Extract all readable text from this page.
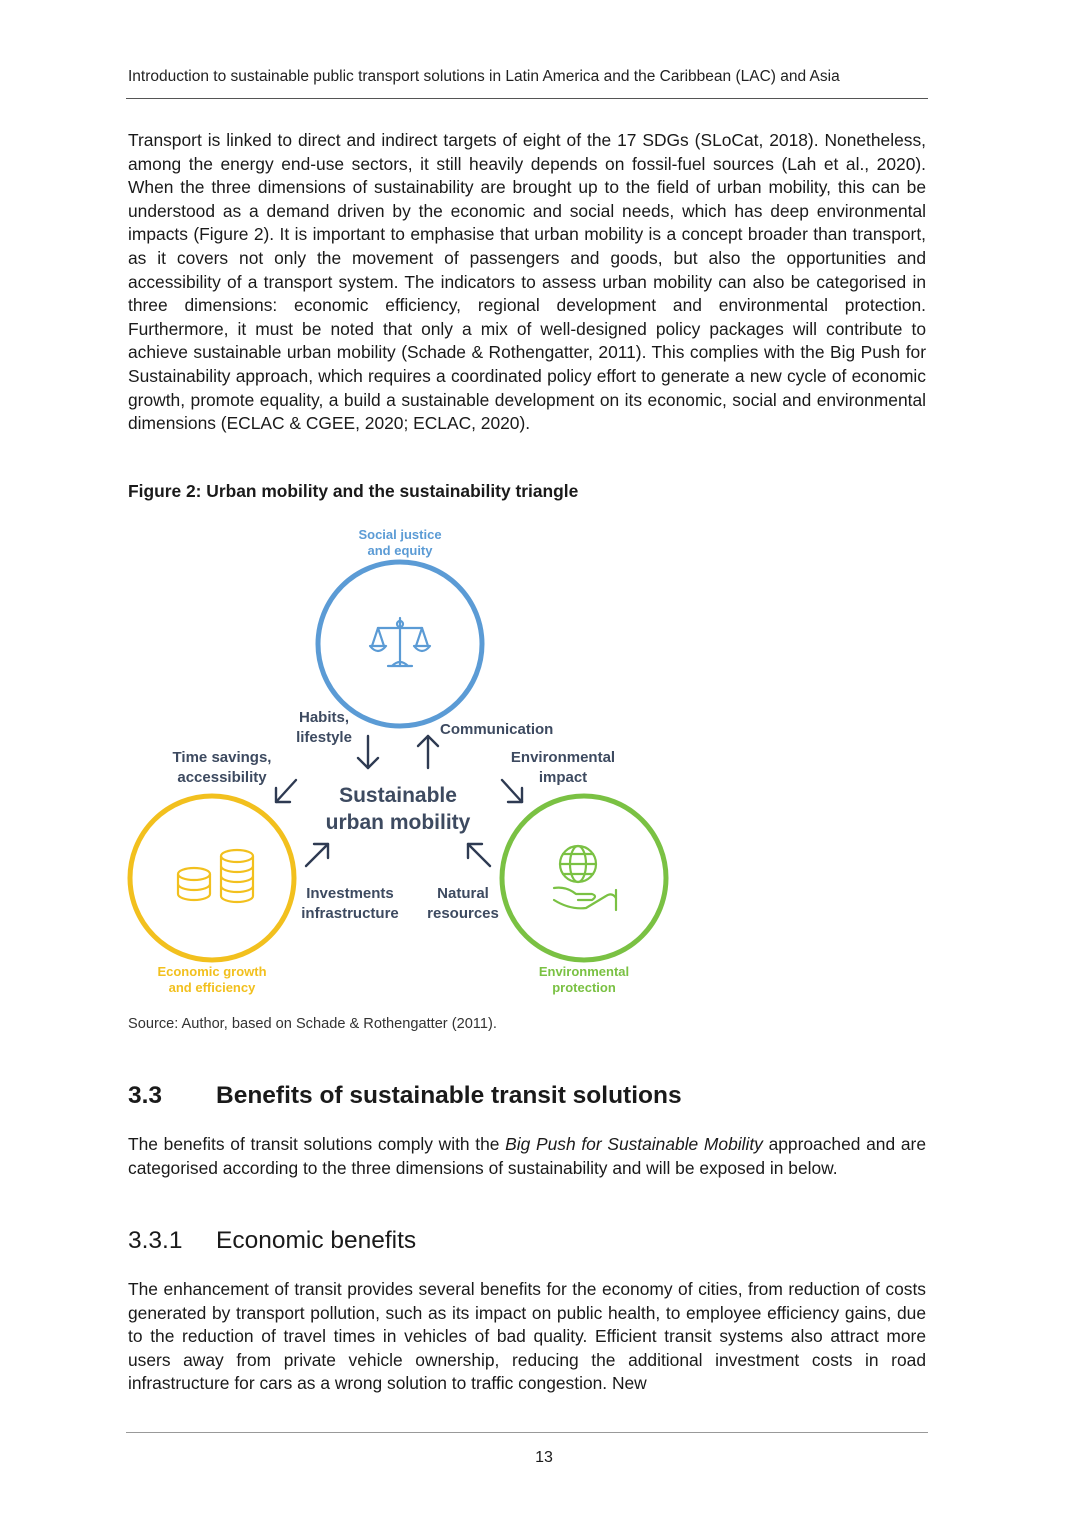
Introduction to sustainable public transport solutions in Latin America and the Caribbean (LAC) and Asia

Transport is linked to direct and indirect targets of eight of the 17 SDGs (SLoCat, 2018). Nonetheless, among the energy end-use sectors, it still heavily depends on fossil-fuel sources (Lah et al., 2020). When the three dimensions of sustainability are brought up to the field of urban mobility, this can be understood as a demand driven by the economic and social needs, which has deep environmental impacts (Figure 2). It is important to emphasise that urban mobility is a concept broader than transport, as it covers not only the movement of passengers and goods, but also the opportunities and accessibility of a transport system. The indicators to assess urban mobility can also be categorised in three dimensions: economic efficiency, regional development and environmental protection. Furthermore, it must be noted that only a mix of well-designed policy packages will contribute to achieve sustainable urban mobility (Schade & Rothengatter, 2011). This complies with the Big Push for Sustainability approach, which requires a coordinated policy effort to generate a new cycle of economic growth, promote equality, a build a sustainable development on its economic, social and environmental dimensions (ECLAC & CGEE, 2020; ECLAC, 2020).

Figure 2: Urban mobility and the sustainability triangle
Social justice
and equity
Economic growth
and efficiency
Environmental
protection
Sustainable
urban mobility
Habits,
lifestyle	Communication
Time savings,
accessibility
Environmental
impact
Investments
infrastructure
Natural
resources
Source: Author, based on Schade & Rothengatter (2011).
3.3 Benefits of sustainable transit solutions

The benefits of transit solutions comply with the Big Push for Sustainable Mobility approached and are categorised according to the three dimensions of sustainability and will be exposed in below.

3.3.1 Economic benefits

The enhancement of transit provides several benefits for the economy of cities, from reduction of costs generated by transport pollution, such as its impact on public health, to employee efficiency gains, due to the reduction of travel times in vehicles of bad quality. Efficient transit systems also attract more users away from private vehicle ownership, reducing the additional investment costs in road infrastructure for cars as a wrong solution to traffic congestion. New

13
